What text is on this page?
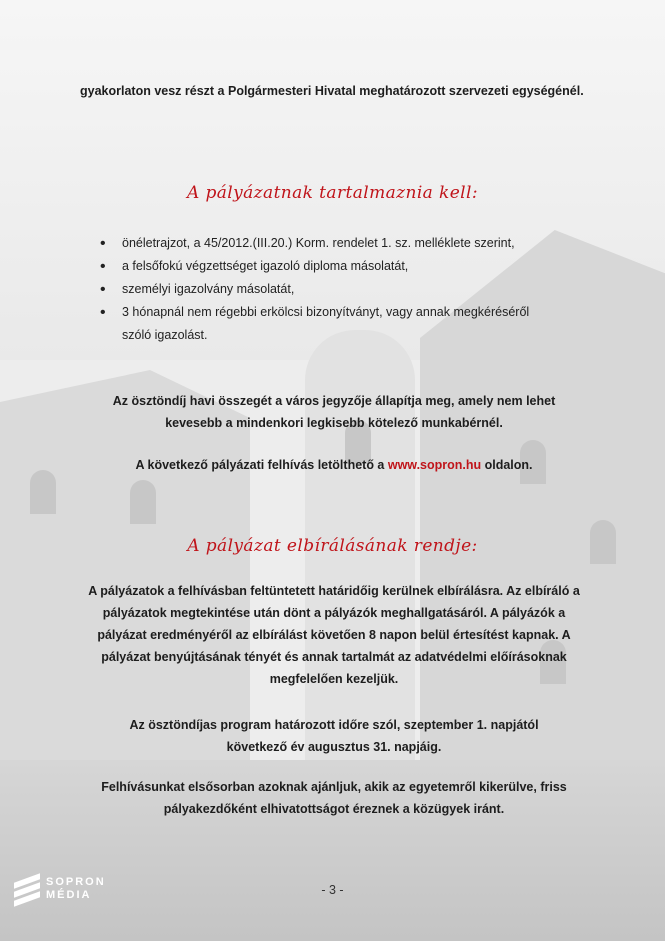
gyakorlaton vesz részt a Polgármesteri Hivatal meghatározott szervezeti egységénél.
A pályázatnak tartalmaznia kell:
• önéletrajzot, a 45/2012.(III.20.) Korm. rendelet 1. sz. melléklete szerint,
• a felsőfokú végzettséget igazoló diploma másolatát,
• személyi igazolvány másolatát,
• 3 hónapnál nem régebbi erkölcsi bizonyítványt, vagy annak megkéréséről szóló igazolást.
Az ösztöndíj havi összegét a város jegyzője állapítja meg, amely nem lehet kevesebb a mindenkori legkisebb kötelező munkabérnél.
A következő pályázati felhívás letölthető a www.sopron.hu oldalon.
A pályázat elbírálásának rendje:
A pályázatok a felhívásban feltüntetett határidőig kerülnek elbírálásra. Az elbíráló a pályázatok megtekintése után dönt a pályázók meghallgatásáról. A pályázók a pályázat eredményéről az elbírálást követően 8 napon belül értesítést kapnak. A pályázat benyújtásának tényét és annak tartalmát az adatvédelmi előírásoknak megfelelően kezeljük.
Az ösztöndíjas program határozott időre szól, szeptember 1. napjától következő év augusztus 31. napjáig.
Felhívásunkat elsősorban azoknak ajánljuk, akik az egyetemről kikerülve, friss pályakezdőként elhivatottságot éreznek a közügyek iránt.
- 3 -
SOPRON
MÉDIA
